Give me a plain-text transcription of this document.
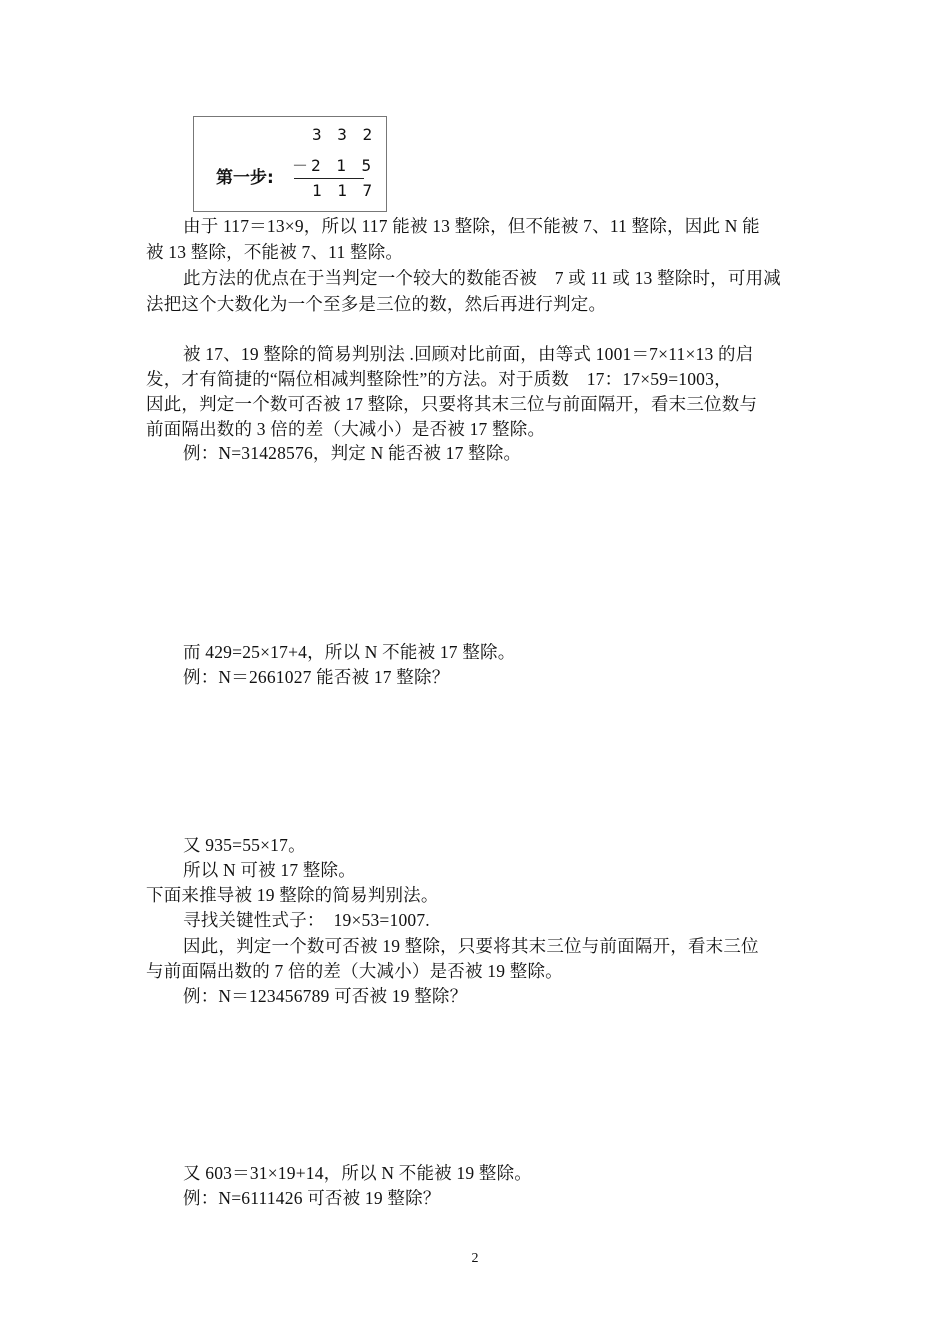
第一步:
3 3 2
－2 1 5
1 1 7
由于 117＝13×9，所以 117 能被 13 整除，但不能被 7、11 整除，因此 N 能
被 13 整除，不能被 7、11 整除。
此方法的优点在于当判定一个较大的数能否被　7 或 11 或 13 整除时，可用减
法把这个大数化为一个至多是三位的数，然后再进行判定。
被 17、19 整除的简易判别法 .回顾对比前面，由等式 1001＝7×11×13 的启
发，才有简捷的“隔位相减判整除性”的方法。对于质数　17：17×59=1003，
因此，判定一个数可否被 17 整除，只要将其末三位与前面隔开，看末三位数与
前面隔出数的 3 倍的差（大减小）是否被 17 整除。
例：N=31428576，判定 N 能否被 17 整除。
而 429=25×17+4，所以 N 不能被 17 整除。
例：N＝2661027 能否被 17 整除？
又 935=55×17。
所以 N 可被 17 整除。
下面来推导被 19 整除的简易判别法。
寻找关键性式子：　19×53=1007.
因此，判定一个数可否被 19 整除，只要将其末三位与前面隔开，看末三位
与前面隔出数的 7 倍的差（大减小）是否被 19 整除。
例：N＝123456789 可否被 19 整除？
又 603＝31×19+14，所以 N 不能被 19 整除。
例：N=6111426 可否被 19 整除？
2
